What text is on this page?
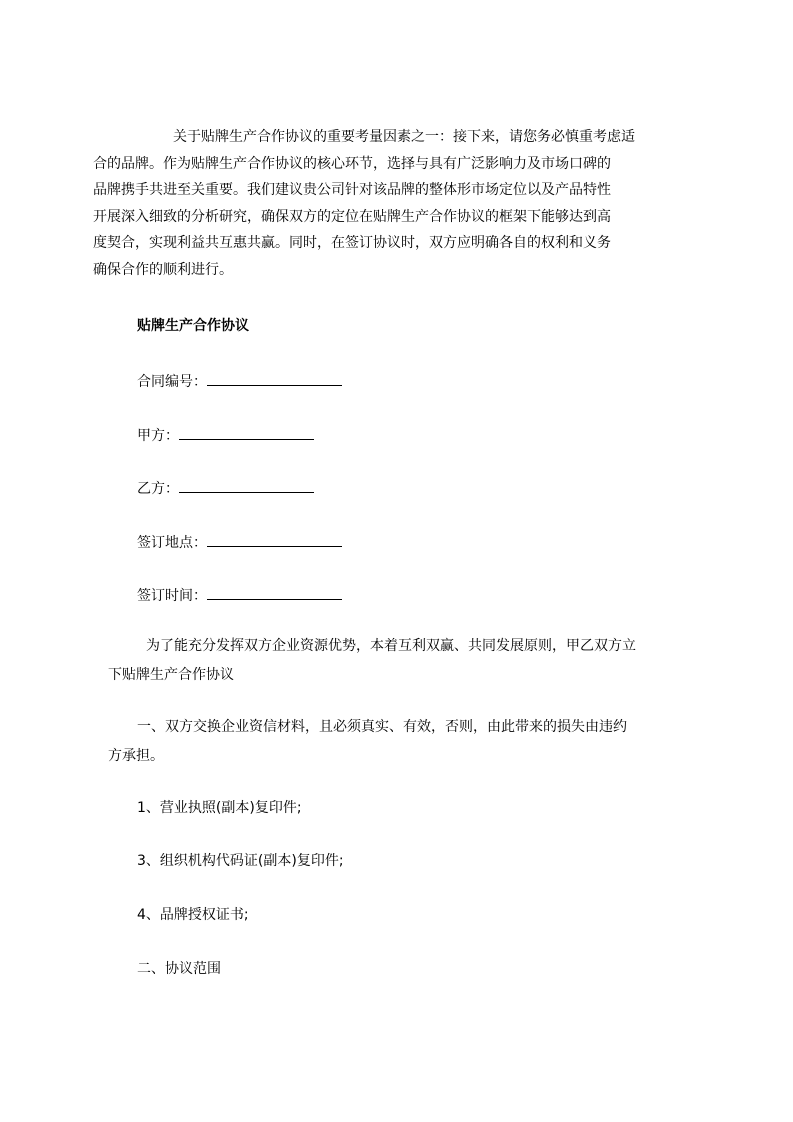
关于贴牌生产合作协议的重要考量因素之一：接下来，请您务必慎重考虑适
合的品牌。作为贴牌生产合作协议的核心环节，选择与具有广泛影响力及市场口碑的
品牌携手共进至关重要。我们建议贵公司针对该品牌的整体形市场定位以及产品特性
开展深入细致的分析研究，确保双方的定位在贴牌生产合作协议的框架下能够达到高
度契合，实现利益共互惠共赢。同时，在签订协议时，双方应明确各自的权利和义务
确保合作的顺利进行。
贴牌生产合作协议
合同编号：
甲方：
乙方：
签订地点：
签订时间：
为了能充分发挥双方企业资源优势，本着互利双赢、共同发展原则，甲乙双方立
下贴牌生产合作协议
一、双方交换企业资信材料，且必须真实、有效，否则，由此带来的损失由违约
方承担。
1、营业执照(副本)复印件;
3、组织机构代码证(副本)复印件;
4、品牌授权证书;
二、协议范围
